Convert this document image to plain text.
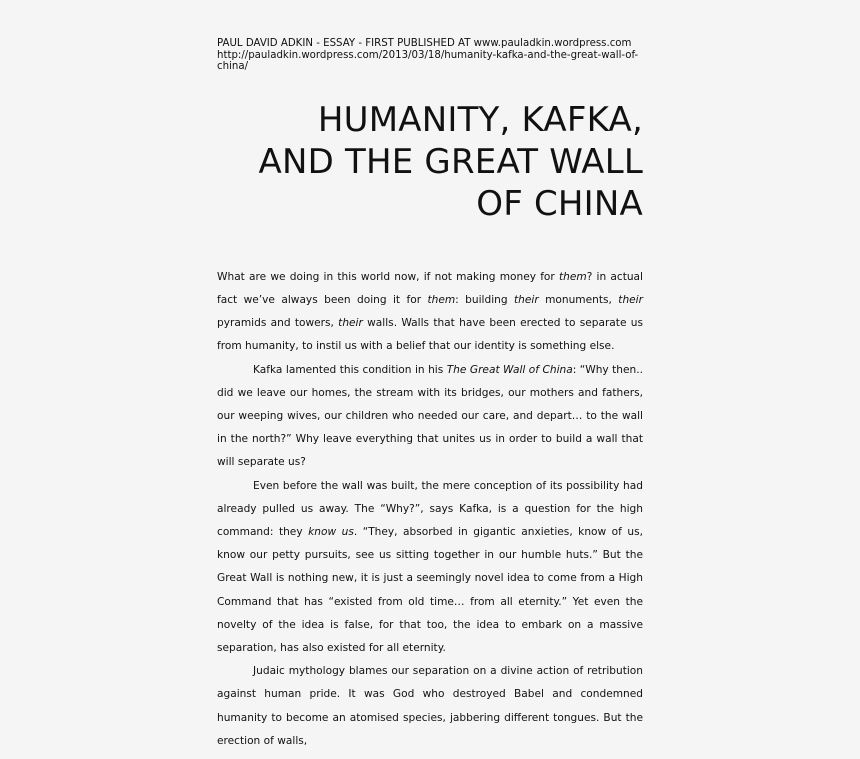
PAUL DAVID ADKIN - ESSAY - FIRST PUBLISHED AT www.pauladkin.wordpress.com
http://pauladkin.wordpress.com/2013/03/18/humanity-kafka-and-the-great-wall-of-
china/
HUMANITY, KAFKA,
AND THE GREAT WALL
OF CHINA

What are we doing in this world now, if not making money for them? in actual fact we’ve always been doing it for them: building their monuments, their pyramids and towers, their walls. Walls that have been erected to separate us from humanity, to instil us with a belief that our identity is something else.

Kafka lamented this condition in his The Great Wall of China: “Why then.. did we leave our homes, the stream with its bridges, our mothers and fathers, our weeping wives, our children who needed our care, and depart… to the wall in the north?” Why leave everything that unites us in order to build a wall that will separate us?

Even before the wall was built, the mere conception of its possibility had already pulled us away. The “Why?”, says Kafka, is a question for the high command: they know us. “They, absorbed in gigantic anxieties, know of us, know our petty pursuits, see us sitting together in our humble huts.” But the Great Wall is nothing new, it is just a seemingly novel idea to come from a High Command that has “existed from old time… from all eternity.” Yet even the novelty of the idea is false, for that too, the idea to embark on a massive separation, has also existed for all eternity.

Judaic mythology blames our separation on a divine action of retribution against human pride. It was God who destroyed Babel and condemned humanity to become an atomised species, jabbering different tongues. But the erection of walls,
